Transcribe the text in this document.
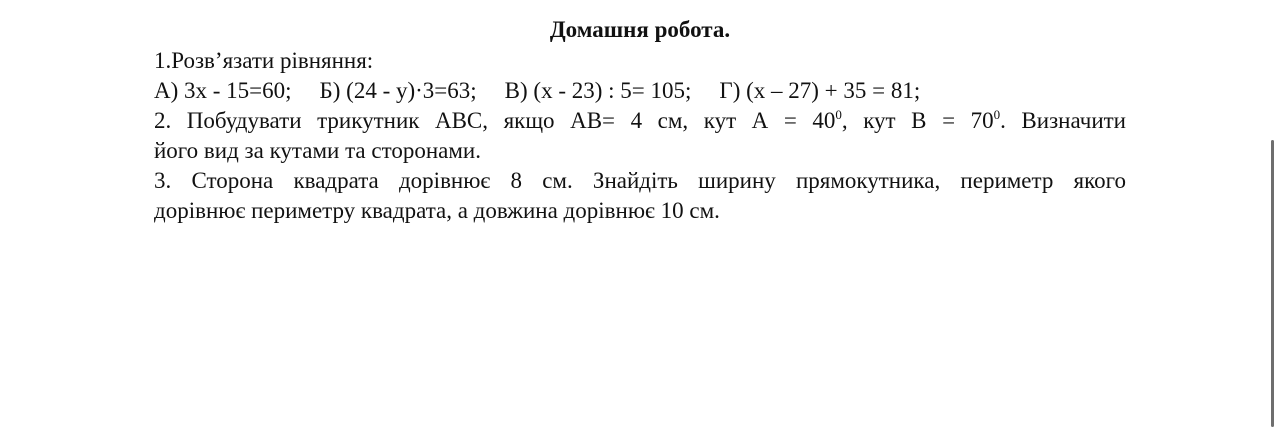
Домашня робота.

1.Розв’язати рівняння:

А) 3х - 15=60; Б) (24 - у)·3=63; В) (х - 23) : 5= 105; Г) (х – 27) + 35 = 81;

2. Побудувати трикутник АВС, якщо АВ= 4 см, кут $А = 40^0$, кут $В = 70^0$. Визначити

його вид за кутами та сторонами.

3. Сторона квадрата дорівнює 8 см. Знайдіть ширину прямокутника, периметр якого

дорівнює периметру квадрата, а довжина дорівнює 10 см.
